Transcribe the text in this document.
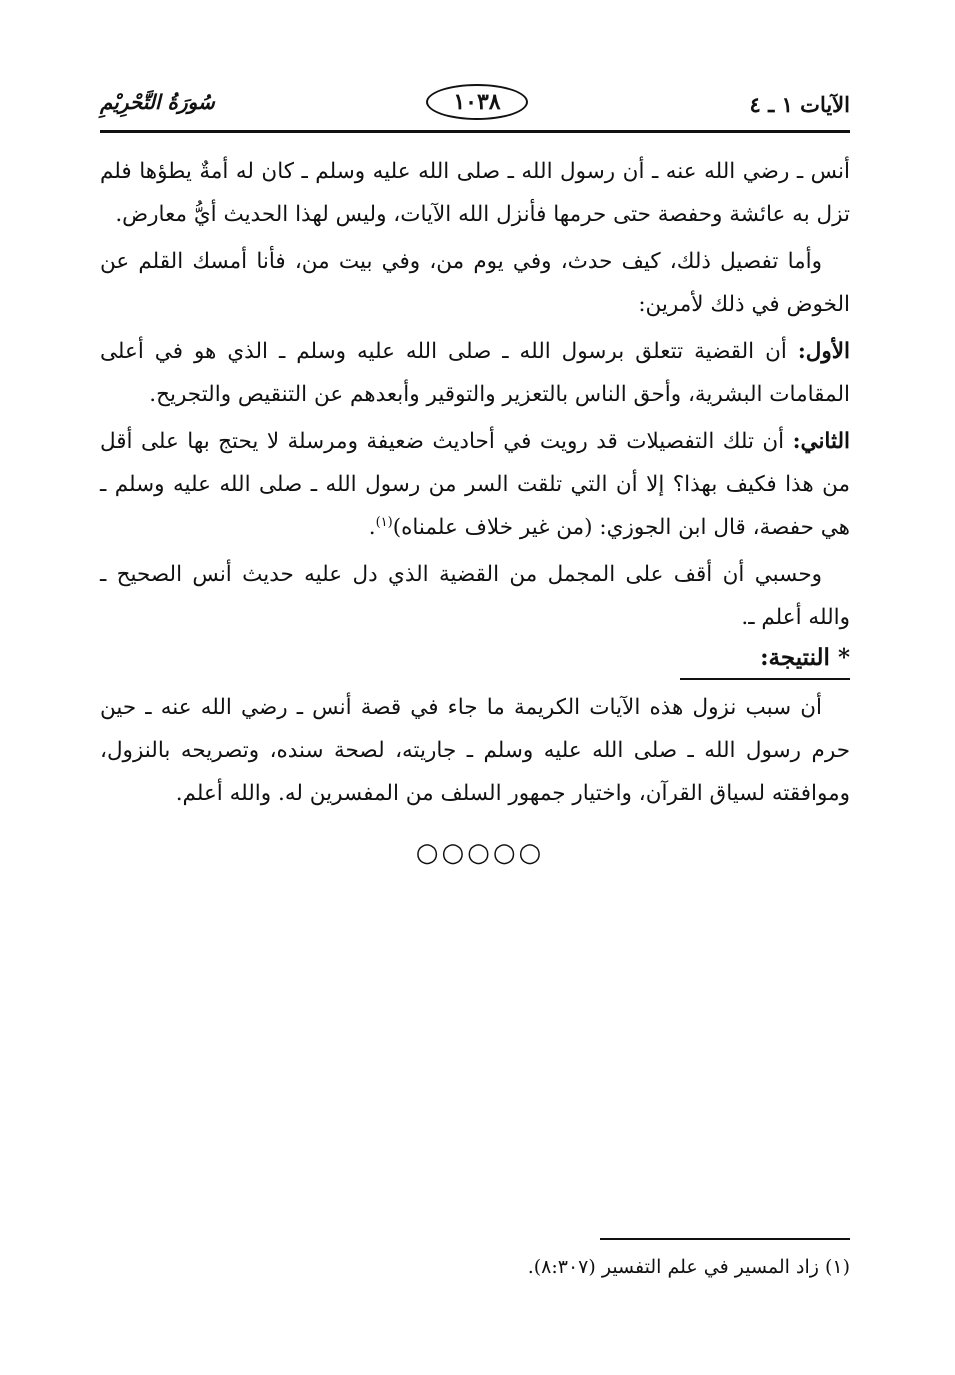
الآيات ١ ـ ٤
١٠٣٨
سُورَةُ التَّحْرِيْمِ

أنس ـ رضي الله عنه ـ أن رسول الله ـ صلى الله عليه وسلم ـ كان له أمةٌ يطؤها فلم تزل به عائشة وحفصة حتى حرمها فأنزل الله الآيات، وليس لهذا الحديث أيُّ معارض.

وأما تفصيل ذلك، كيف حدث، وفي يوم من، وفي بيت من، فأنا أمسك القلم عن الخوض في ذلك لأمرين:

الأول: أن القضية تتعلق برسول الله ـ صلى الله عليه وسلم ـ الذي هو في أعلى المقامات البشرية، وأحق الناس بالتعزير والتوقير وأبعدهم عن التنقيص والتجريح.

الثاني: أن تلك التفصيلات قد رويت في أحاديث ضعيفة ومرسلة لا يحتج بها على أقل من هذا فكيف بهذا؟ إلا أن التي تلقت السر من رسول الله ـ صلى الله عليه وسلم ـ هي حفصة، قال ابن الجوزي: (من غير خلاف علمناه)$^{(١)}$.

وحسبي أن أقف على المجمل من القضية الذي دل عليه حديث أنس الصحيح ـ والله أعلم ـ.

* النتيجة:

أن سبب نزول هذه الآيات الكريمة ما جاء في قصة أنس ـ رضي الله عنه ـ حين حرم رسول الله ـ صلى الله عليه وسلم ـ جاريته، لصحة سنده، وتصريحه بالنزول، وموافقته لسياق القرآن، واختيار جمهور السلف من المفسرين له. والله أعلم.

○○○○○
(١) زاد المسير في علم التفسير (٨:٣٠٧).
